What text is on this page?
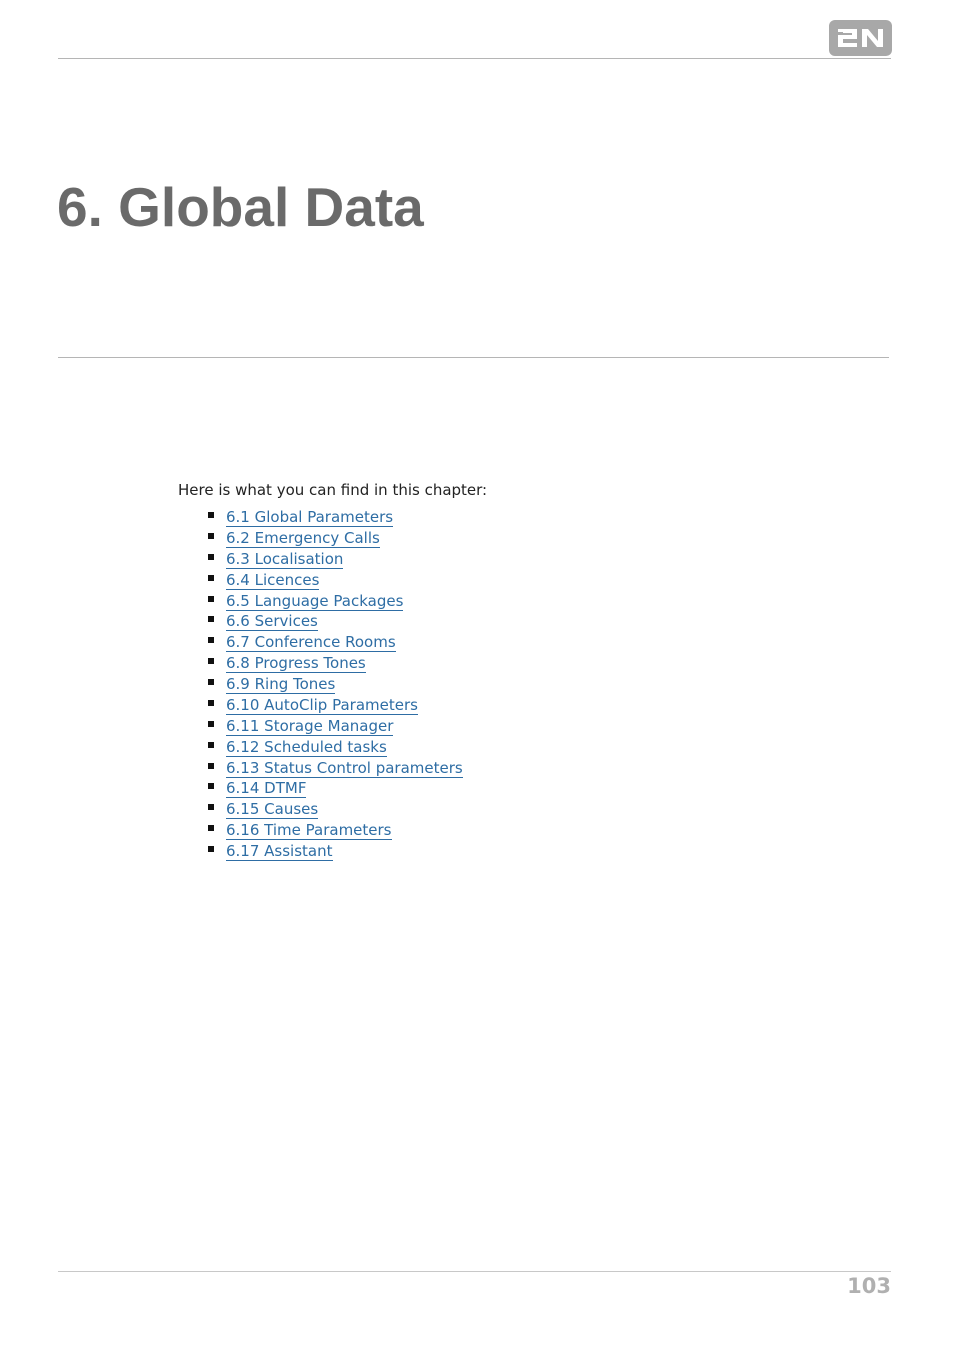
6. Global Data

Here is what you can find in this chapter:

6.1 Global Parameters
6.2 Emergency Calls
6.3 Localisation
6.4 Licences
6.5 Language Packages
6.6 Services
6.7 Conference Rooms
6.8 Progress Tones
6.9 Ring Tones
6.10 AutoClip Parameters
6.11 Storage Manager
6.12 Scheduled tasks
6.13 Status Control parameters
6.14 DTMF
6.15 Causes
6.16 Time Parameters
6.17 Assistant

103
